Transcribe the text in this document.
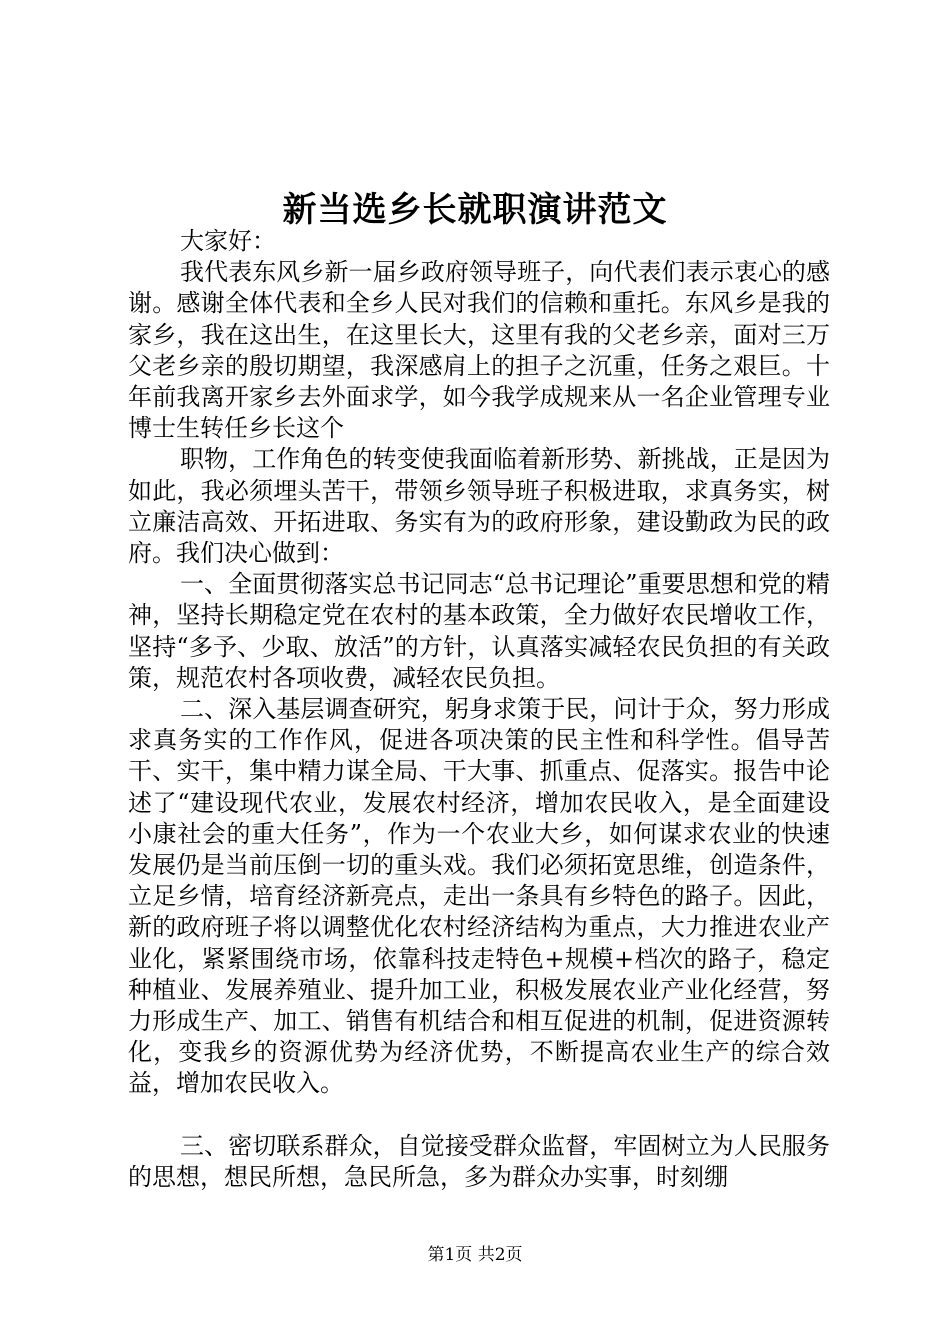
新当选乡长就职演讲范文

大家好：

我代表东风乡新一届乡政府领导班子，向代表们表示衷心的感谢。感谢全体代表和全乡人民对我们的信赖和重托。东风乡是我的家乡，我在这出生，在这里长大，这里有我的父老乡亲，面对三万父老乡亲的殷切期望，我深感肩上的担子之沉重，任务之艰巨。十年前我离开家乡去外面求学，如今我学成规来从一名企业管理专业博士生转任乡长这个

职物，工作角色的转变使我面临着新形势、新挑战，正是因为如此，我必须埋头苦干，带领乡领导班子积极进取，求真务实，树立廉洁高效、开拓进取、务实有为的政府形象，建设勤政为民的政府。我们决心做到：

一、全面贯彻落实总书记同志“总书记理论”重要思想和党的精神，坚持长期稳定党在农村的基本政策，全力做好农民增收工作，坚持“多予、少取、放活”的方针，认真落实减轻农民负担的有关政策，规范农村各项收费，减轻农民负担。

二、深入基层调查研究，躬身求策于民，问计于众，努力形成求真务实的工作作风，促进各项决策的民主性和科学性。倡导苦干、实干，集中精力谋全局、干大事、抓重点、促落实。报告中论述了“建设现代农业，发展农村经济，增加农民收入，是全面建设小康社会的重大任务”，作为一个农业大乡，如何谋求农业的快速发展仍是当前压倒一切的重头戏。我们必须拓宽思维，创造条件，立足乡情，培育经济新亮点，走出一条具有乡特色的路子。因此，新的政府班子将以调整优化农村经济结构为重点，大力推进农业产业化，紧紧围绕市场，依靠科技走特色+规模+档次的路子，稳定种植业、发展养殖业、提升加工业，积极发展农业产业化经营，努力形成生产、加工、销售有机结合和相互促进的机制，促进资源转化，变我乡的资源优势为经济优势，不断提高农业生产的综合效益，增加农民收入。

三、密切联系群众，自觉接受群众监督，牢固树立为人民服务的思想，想民所想，急民所急，多为群众办实事，时刻绷

第1页 共2页
